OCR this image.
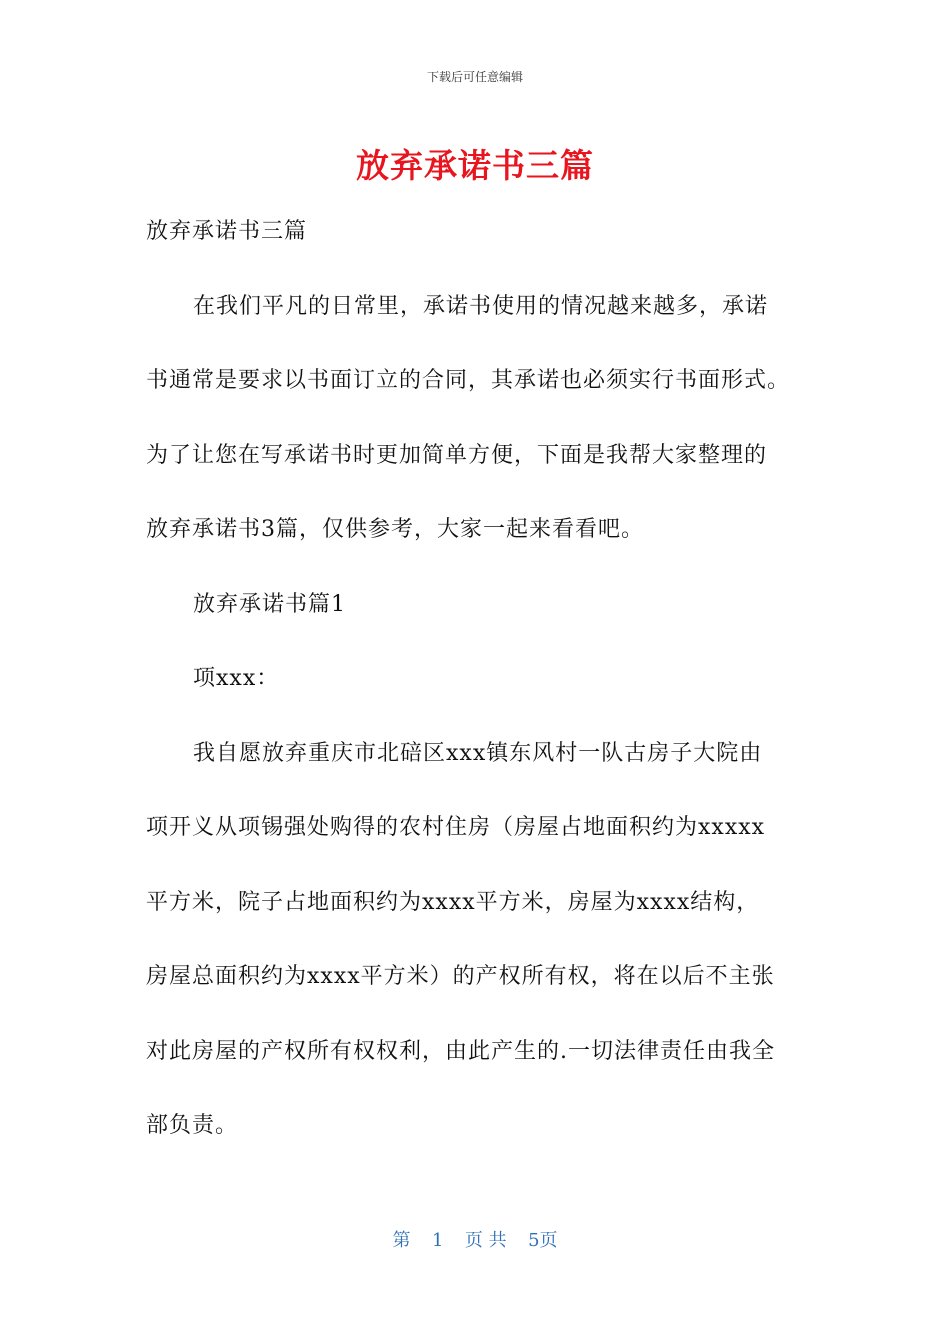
下载后可任意编辑
放弃承诺书三篇

放弃承诺书三篇

在我们平凡的日常里，承诺书使用的情况越来越多，承诺

书通常是要求以书面订立的合同，其承诺也必须实行书面形式。

为了让您在写承诺书时更加简单方便，下面是我帮大家整理的

放弃承诺书3篇，仅供参考，大家一起来看看吧。

放弃承诺书篇1

项xxx：

我自愿放弃重庆市北碚区xxx镇东风村一队古房子大院由

项开义从项锡强处购得的农村住房（房屋占地面积约为xxxxx

平方米，院子占地面积约为xxxx平方米，房屋为xxxx结构，

房屋总面积约为xxxx平方米）的产权所有权，将在以后不主张

对此房屋的产权所有权权利，由此产生的.一切法律责任由我全

部负责。

第 1 页 共 5页
